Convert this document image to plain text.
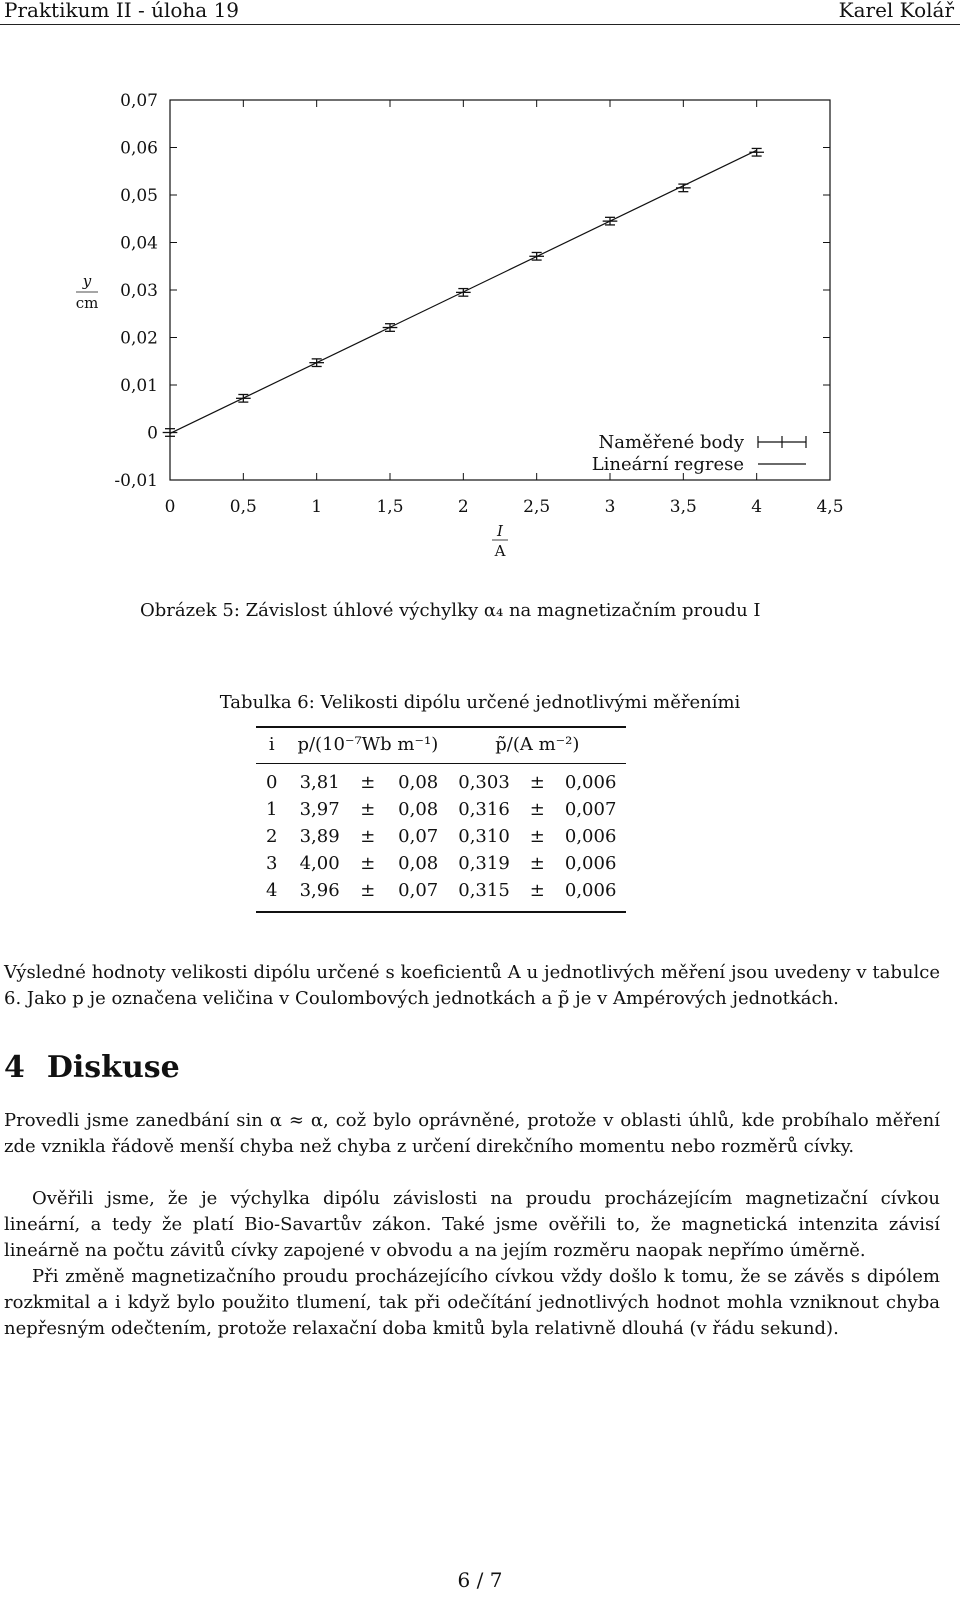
Praktikum II - úloha 19	Karel Kolář
-0,01
0
0,01
0,02
0,03
0,04
0,05
0,06
0,07
0	0,5	1	1,5	2	2,5	3	3,5	4	4,5
Naměřené body
Lineární regrese
y
cm
I
A
Obrázek 5: Závislost úhlové výchylky α₄ na magnetizačním proudu I
Tabulka 6: Velikosti dipólu určené jednotlivými měřeními
i	p/(10⁻⁷Wb m⁻¹)			p̃/(A m⁻²)		
0	3,81	±	0,08	0,303	±	0,006
1	3,97	±	0,08	0,316	±	0,007
2	3,89	±	0,07	0,310	±	0,006
3	4,00	±	0,08	0,319	±	0,006
4	3,96	±	0,07	0,315	±	0,006
Výsledné hodnoty velikosti dipólu určené s koeficientů A u jednotlivých měření jsou uvedeny v tabulce 6. Jako p je označena veličina v Coulombových jednotkách a p̃ je v Ampérových jednotkách.
4 Diskuse
Provedli jsme zanedbání sin α ≈ α, což bylo oprávněné, protože v oblasti úhlů, kde probíhalo měření zde vznikla řádově menší chyba než chyba z určení direkčního momentu nebo rozměrů cívky.
Ověřili jsme, že je výchylka dipólu závislosti na proudu procházejícím magnetizační cívkou lineární, a tedy že platí Bio-Savartův zákon. Také jsme ověřili to, že magnetická intenzita závisí lineárně na počtu závitů cívky zapojené v obvodu a na jejím rozměru naopak nepřímo úměrně.
Při změně magnetizačního proudu procházejícího cívkou vždy došlo k tomu, že se závěs s dipólem rozkmital a i když bylo použito tlumení, tak při odečítání jednotlivých hodnot mohla vzniknout chyba nepřesným odečtením, protože relaxační doba kmitů byla relativně dlouhá (v řádu sekund).
6 / 7
